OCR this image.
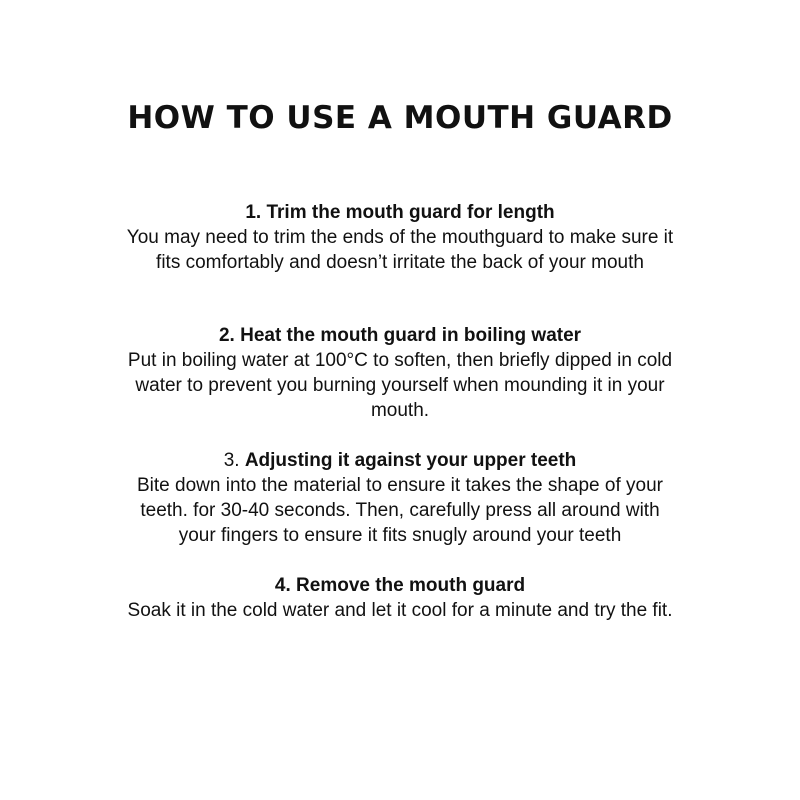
HOW TO USE A MOUTH GUARD
1. Trim the mouth guard for length
You may need to trim the ends of the mouthguard to make sure it
fits comfortably and doesn’t irritate the back of your mouth
2. Heat the mouth guard in boiling water
Put in boiling water at 100°C to soften, then briefly dipped in cold
water to prevent you burning yourself when mounding it in your
mouth.
3. Adjusting it against your upper teeth
Bite down into the material to ensure it takes the shape of your
teeth. for 30-40 seconds. Then, carefully press all around with
your fingers to ensure it fits snugly around your teeth
4. Remove the mouth guard
Soak it in the cold water and let it cool for a minute and try the fit.
